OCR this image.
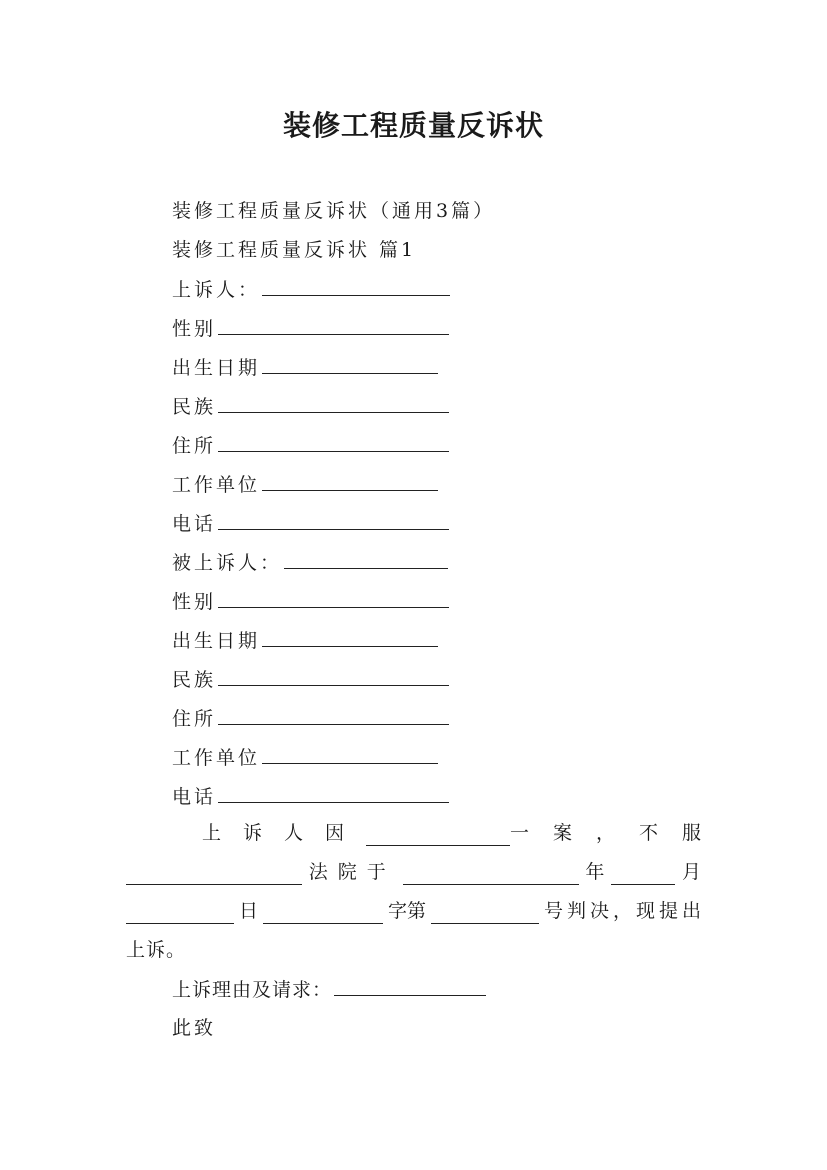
装修工程质量反诉状
装修工程质量反诉状（通用3篇）
装修工程质量反诉状 篇1
上诉人：
性别
出生日期
民族
住所
工作单位
电话
被上诉人：
性别
出生日期
民族
住所
工作单位
电话
上诉人因	一案，不服
法院于	年	月
日	字第	号判决，现提出
上诉。
上诉理由及请求：
此致
